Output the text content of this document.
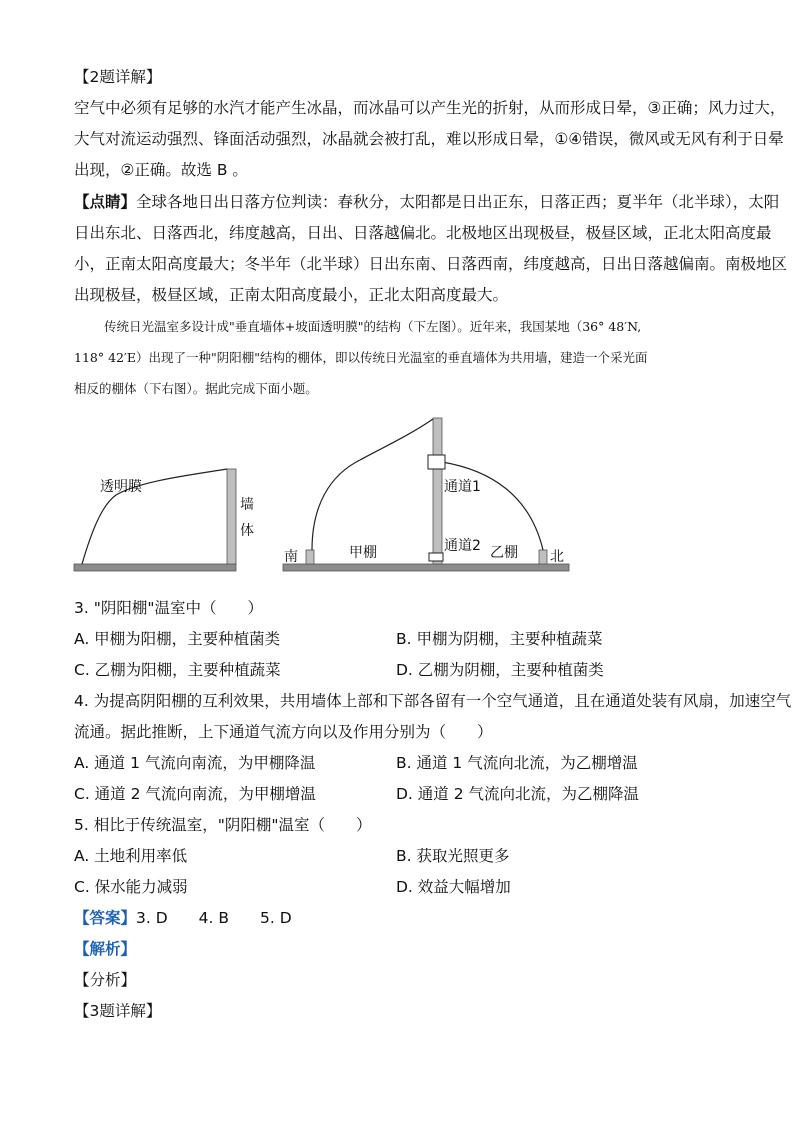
【2题详解】
空气中必须有足够的水汽才能产生冰晶，而冰晶可以产生光的折射，从而形成日晕，③正确；风力过大，
大气对流运动强烈、锋面活动强烈，冰晶就会被打乱，难以形成日晕，①④错误，微风或无风有利于日晕
出现，②正确。故选 B 。
【点睛】全球各地日出日落方位判读：春秋分，太阳都是日出正东，日落正西；夏半年（北半球），太阳
日出东北、日落西北，纬度越高，日出、日落越偏北。北极地区出现极昼，极昼区域，正北太阳高度最
小，正南太阳高度最大；冬半年（北半球）日出东南、日落西南，纬度越高，日出日落越偏南。南极地区
出现极昼，极昼区域，正南太阳高度最小，正北太阳高度最大。
传统日光温室多设计成"垂直墙体+坡面透明膜"的结构（下左图）。近年来，我国某地（36° 48′N,
118° 42′E）出现了一种"阴阳棚"结构的棚体，即以传统日光温室的垂直墙体为共用墙，建造一个采光面
相反的棚体（下右图）。据此完成下面小题。
透明膜
墙
体
通道1
通道2
南	甲棚	乙棚 北
3. "阴阳棚"温室中（　　）
A. 甲棚为阳棚，主要种植菌类	B. 甲棚为阴棚，主要种植蔬菜
C. 乙棚为阳棚，主要种植蔬菜	D. 乙棚为阴棚，主要种植菌类
4. 为提高阴阳棚的互利效果，共用墙体上部和下部各留有一个空气通道，且在通道处装有风扇，加速空气
流通。据此推断，上下通道气流方向以及作用分别为（　　）
A. 通道 1 气流向南流，为甲棚降温	B. 通道 1 气流向北流，为乙棚增温
C. 通道 2 气流向南流，为甲棚增温	D. 通道 2 气流向北流，为乙棚降温
5. 相比于传统温室，"阴阳棚"温室（　　）
A. 土地利用率低	B. 获取光照更多
C. 保水能力减弱	D. 效益大幅增加
【答案】3. D　　4. B　　5. D
【解析】
【分析】
【3题详解】
